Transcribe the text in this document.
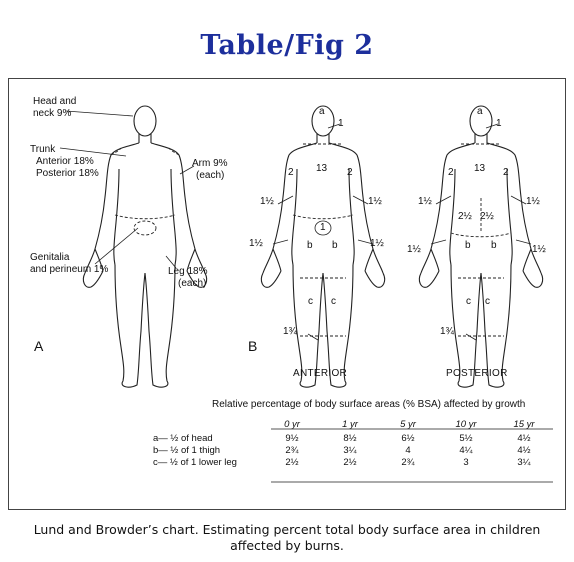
Table/Fig 2
Head and
neck 9%
Trunk
Anterior 18%
Posterior 18%
Arm 9%
(each)
Genitalia
and perineum 1%	Leg 18%
(each)
A
a
1
13
2	2
1½	1½
1½	1½
1
b b
c c
1¾
B
ANTERIOR
a
1
13
2	2
1½	1½
2½ 2½
1½	1½
b b
c c
1¾
POSTERIOR
Relative percentage of body surface areas (% BSA) affected by growth
	0 yr	1 yr	5 yr	10 yr	15 yr
a— ½ of head	9½	8½	6½	5½	4½
b— ½ of 1 thigh	2¾	3¼	4	4¼	4½
c— ½ of 1 lower leg	2½	2½	2¾	3	3¼
Lund and Browder’s chart. Estimating percent total body surface area in children
affected by burns.
